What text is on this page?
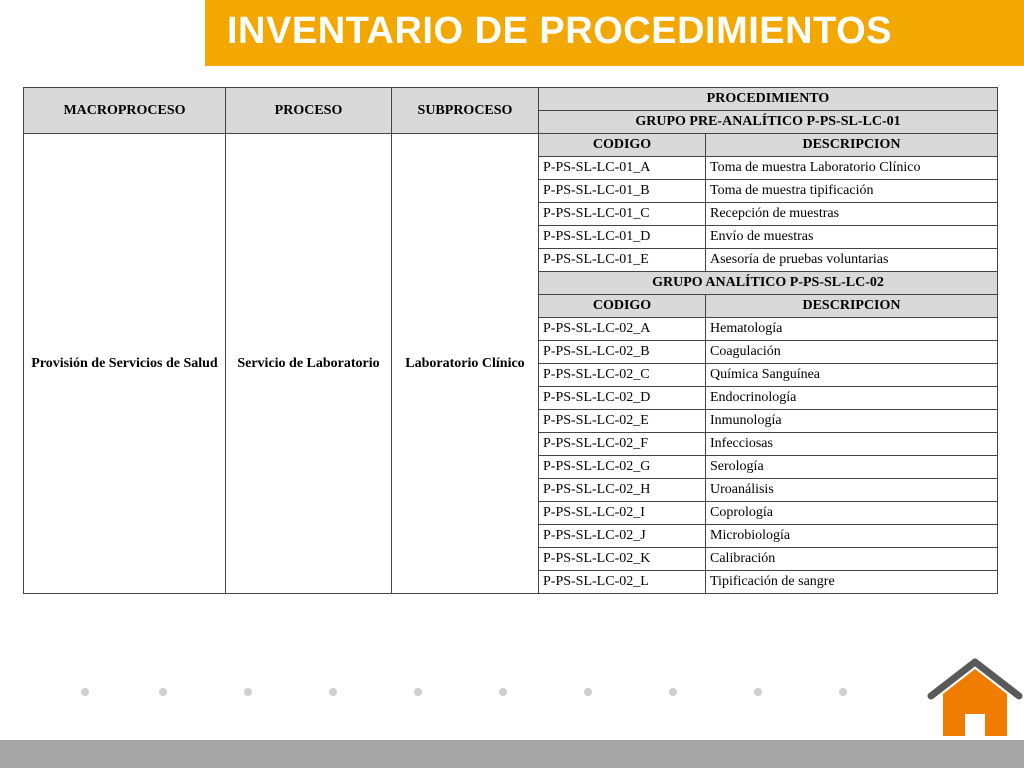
INVENTARIO DE PROCEDIMIENTOS
MACROPROCESO	PROCESO	SUBPROCESO	PROCEDIMIENTO	
			GRUPO PRE-ANALÍTICO P-PS-SL-LC-01	
Provisión de Servicios de Salud	Servicio de Laboratorio	Laboratorio Clínico	CODIGO	DESCRIPCION
			P-PS-SL-LC-01_A	Toma de muestra Laboratorio Clínico
			P-PS-SL-LC-01_B	Toma de muestra tipificación
			P-PS-SL-LC-01_C	Recepción de muestras
			P-PS-SL-LC-01_D	Envío de muestras
			P-PS-SL-LC-01_E	Asesoría de pruebas voluntarias
			GRUPO ANALÍTICO P-PS-SL-LC-02	
			CODIGO	DESCRIPCION
			P-PS-SL-LC-02_A	Hematología
			P-PS-SL-LC-02_B	Coagulación
			P-PS-SL-LC-02_C	Química Sanguínea
			P-PS-SL-LC-02_D	Endocrinología
			P-PS-SL-LC-02_E	Inmunología
			P-PS-SL-LC-02_F	Infecciosas
			P-PS-SL-LC-02_G	Serología
			P-PS-SL-LC-02_H	Uroanálisis
			P-PS-SL-LC-02_I	Coprología
			P-PS-SL-LC-02_J	Microbiología
			P-PS-SL-LC-02_K	Calibración
			P-PS-SL-LC-02_L	Tipificación de sangre
